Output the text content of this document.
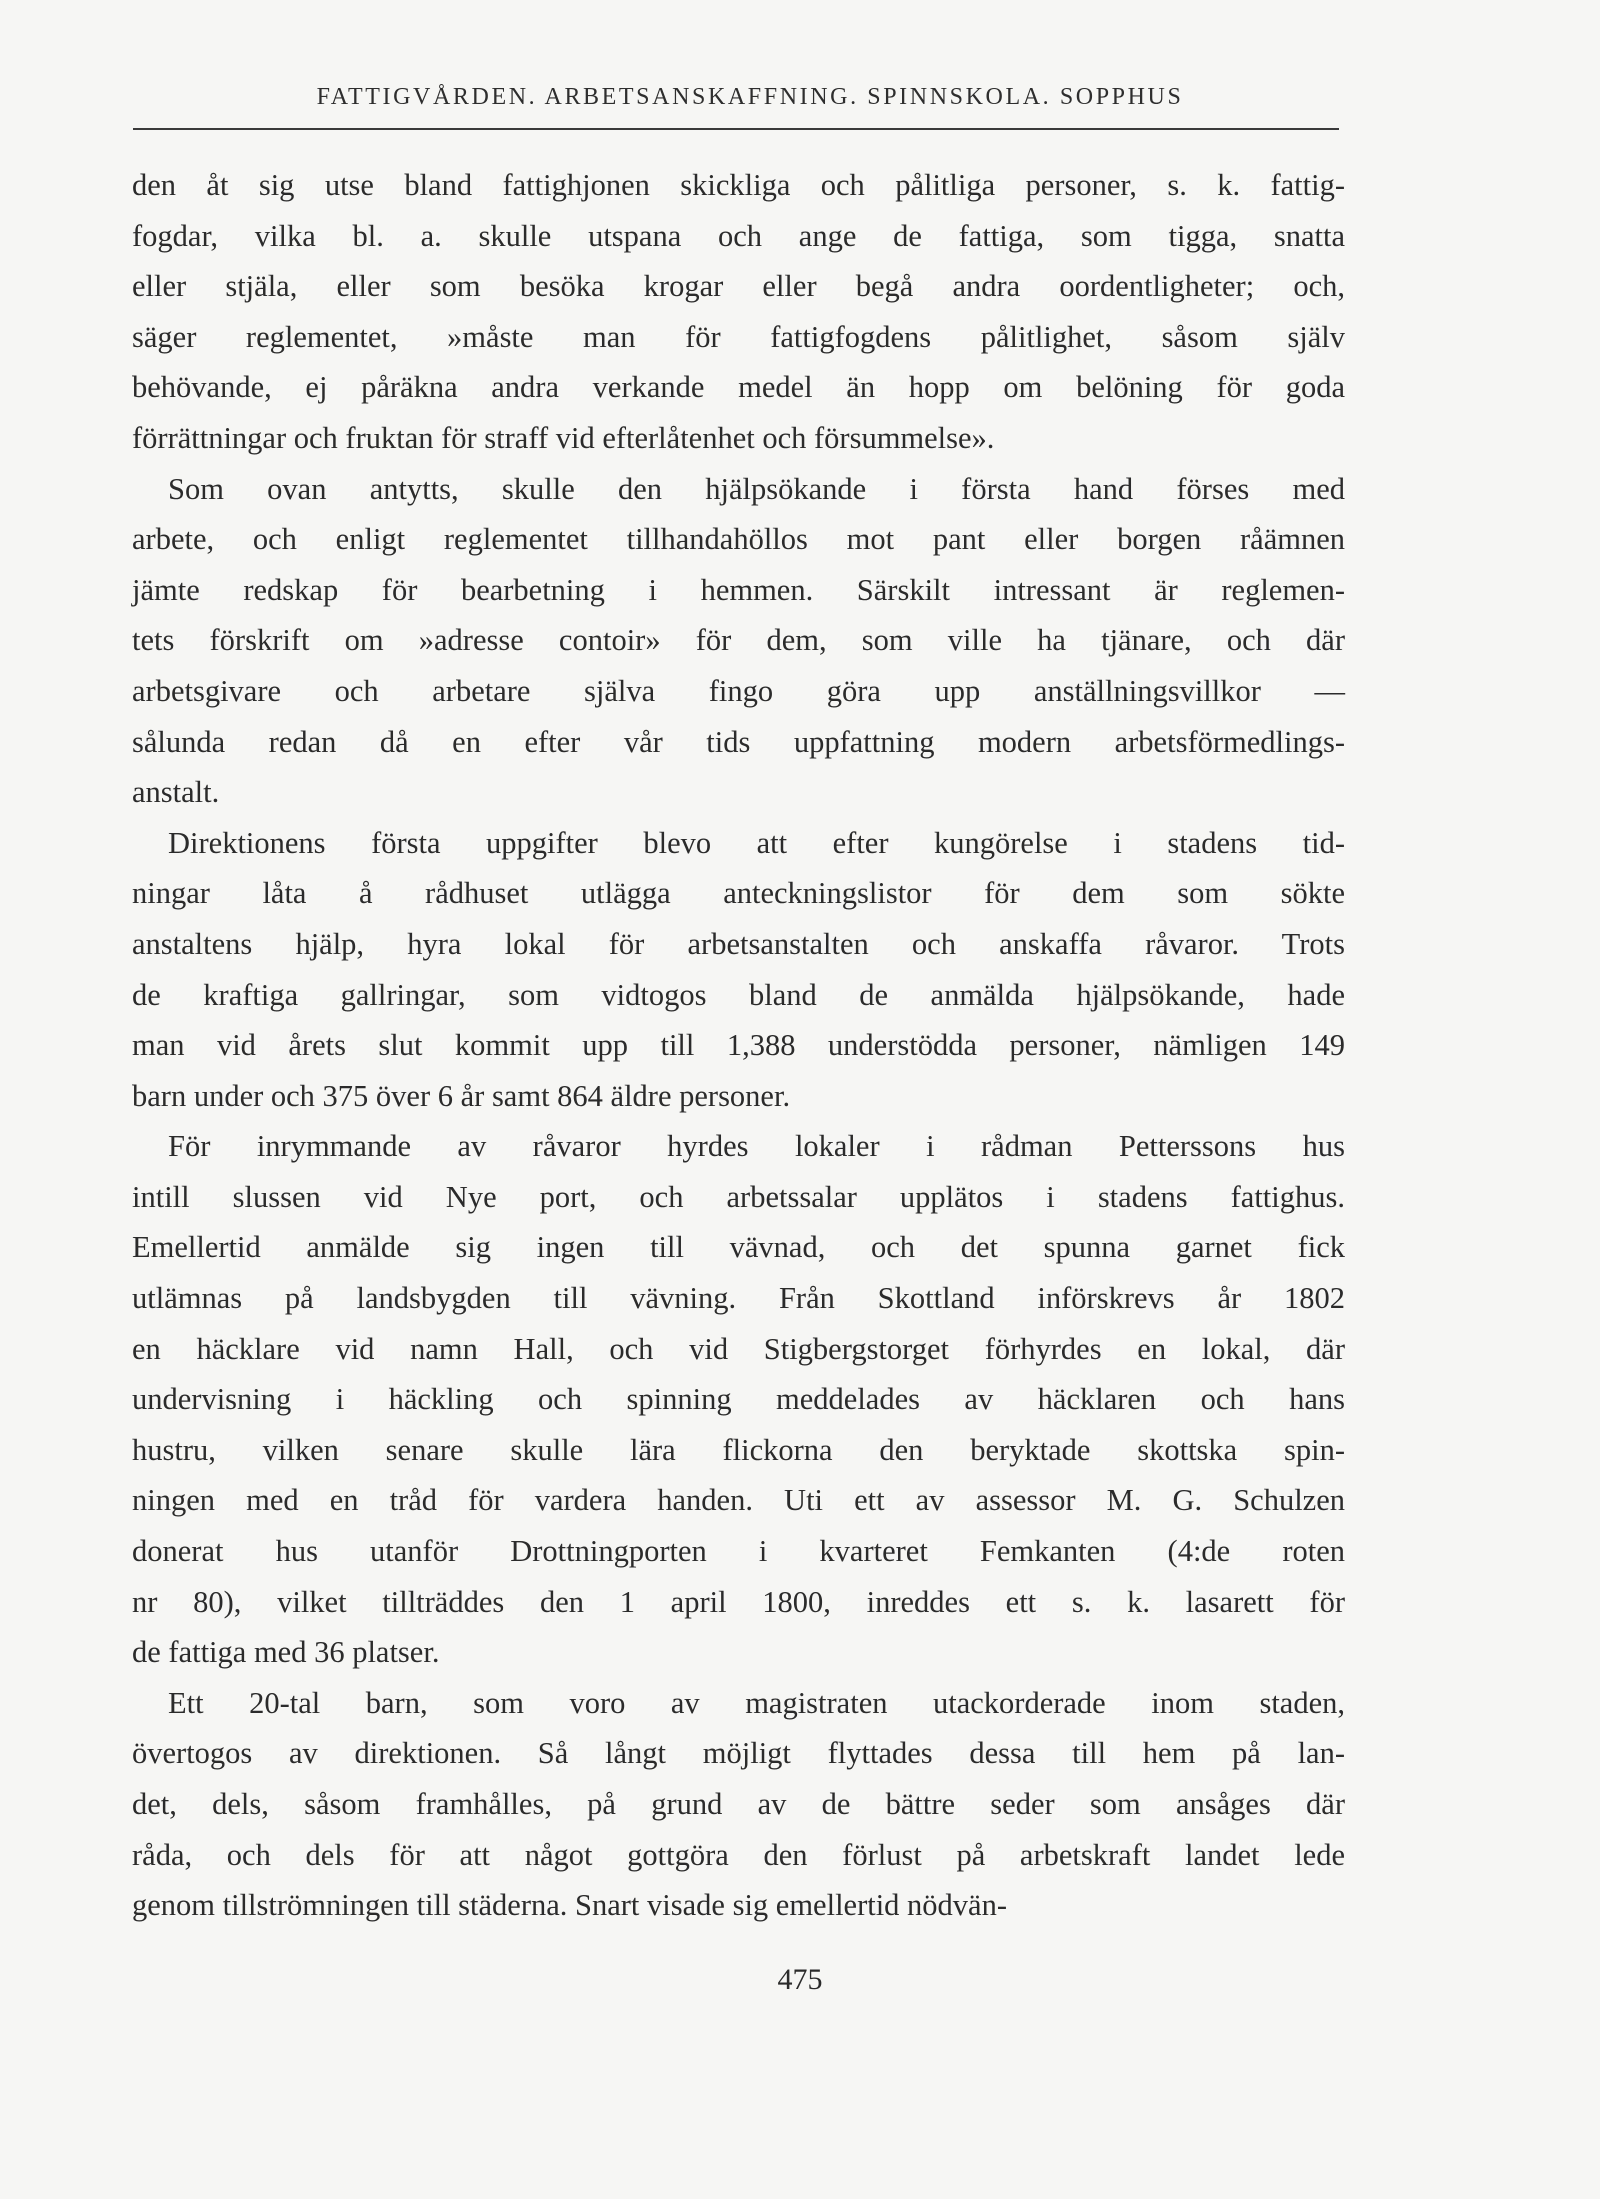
FATTIGVÅRDEN. ARBETSANSKAFFNING. SPINNSKOLA. SOPPHUS
den åt sig utse bland fattighjonen skickliga och pålitliga personer, s. k. fattig-
fogdar, vilka bl. a. skulle utspana och ange de fattiga, som tigga, snatta
eller stjäla, eller som besöka krogar eller begå andra oordentligheter; och,
säger reglementet, »måste man för fattigfogdens pålitlighet, såsom själv
behövande, ej påräkna andra verkande medel än hopp om belöning för goda
förrättningar och fruktan för straff vid efterlåtenhet och försummelse».
Som ovan antytts, skulle den hjälpsökande i första hand förses med
arbete, och enligt reglementet tillhandahöllos mot pant eller borgen råämnen
jämte redskap för bearbetning i hemmen. Särskilt intressant är reglemen-
tets förskrift om »adresse contoir» för dem, som ville ha tjänare, och där
arbetsgivare och arbetare själva fingo göra upp anställningsvillkor —
sålunda redan då en efter vår tids uppfattning modern arbetsförmedlings-
anstalt.
Direktionens första uppgifter blevo att efter kungörelse i stadens tid-
ningar låta å rådhuset utlägga anteckningslistor för dem som sökte
anstaltens hjälp, hyra lokal för arbetsanstalten och anskaffa råvaror. Trots
de kraftiga gallringar, som vidtogos bland de anmälda hjälpsökande, hade
man vid årets slut kommit upp till 1,388 understödda personer, nämligen 149
barn under och 375 över 6 år samt 864 äldre personer.
För inrymmande av råvaror hyrdes lokaler i rådman Petterssons hus
intill slussen vid Nye port, och arbetssalar upplätos i stadens fattighus.
Emellertid anmälde sig ingen till vävnad, och det spunna garnet fick
utlämnas på landsbygden till vävning. Från Skottland införskrevs år 1802
en häcklare vid namn Hall, och vid Stigbergstorget förhyrdes en lokal, där
undervisning i häckling och spinning meddelades av häcklaren och hans
hustru, vilken senare skulle lära flickorna den beryktade skottska spin-
ningen med en tråd för vardera handen. Uti ett av assessor M. G. Schulzen
donerat hus utanför Drottningporten i kvarteret Femkanten (4:de roten
nr 80), vilket tillträddes den 1 april 1800, inreddes ett s. k. lasarett för
de fattiga med 36 platser.
Ett 20-tal barn, som voro av magistraten utackorderade inom staden,
övertogos av direktionen. Så långt möjligt flyttades dessa till hem på lan-
det, dels, såsom framhålles, på grund av de bättre seder som ansåges där
råda, och dels för att något gottgöra den förlust på arbetskraft landet lede
genom tillströmningen till städerna. Snart visade sig emellertid nödvän-
475
